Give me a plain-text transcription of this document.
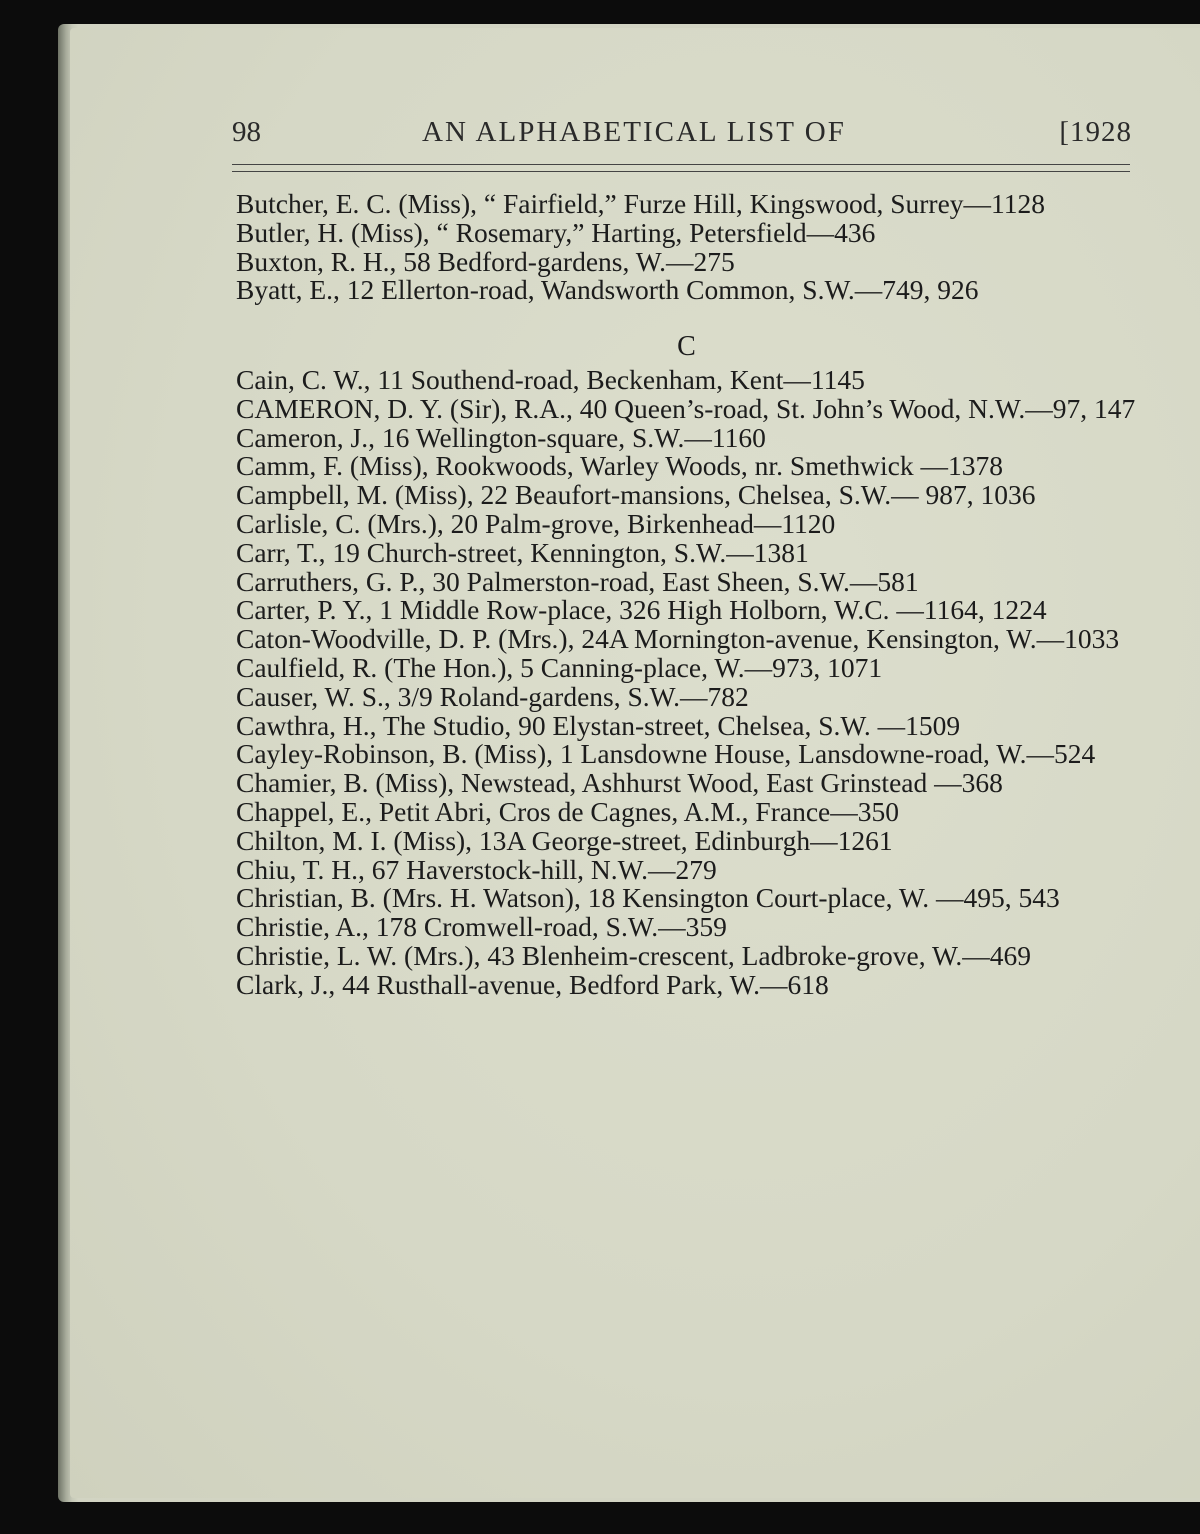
98	AN ALPHABETICAL LIST OF	[1928
Butcher, E. C. (Miss), “ Fairfield,” Furze Hill, Kingswood, Surrey—1128
Butler, H. (Miss), “ Rosemary,” Harting, Petersfield—436
Buxton, R. H., 58 Bedford-gardens, W.—275
Byatt, E., 12 Ellerton-road, Wandsworth Common, S.W.—749, 926
C
Cain, C. W., 11 Southend-road, Beckenham, Kent—1145
CAMERON, D. Y. (Sir), R.A., 40 Queen’s-road, St. John’s Wood, N.W.—97, 147
Cameron, J., 16 Wellington-square, S.W.—1160
Camm, F. (Miss), Rookwoods, Warley Woods, nr. Smethwick —1378
Campbell, M. (Miss), 22 Beaufort-mansions, Chelsea, S.W.— 987, 1036
Carlisle, C. (Mrs.), 20 Palm-grove, Birkenhead—1120
Carr, T., 19 Church-street, Kennington, S.W.—1381
Carruthers, G. P., 30 Palmerston-road, East Sheen, S.W.—581
Carter, P. Y., 1 Middle Row-place, 326 High Holborn, W.C. —1164, 1224
Caton-Woodville, D. P. (Mrs.), 24A Mornington-avenue, Kensington, W.—1033
Caulfield, R. (The Hon.), 5 Canning-place, W.—973, 1071
Causer, W. S., 3/9 Roland-gardens, S.W.—782
Cawthra, H., The Studio, 90 Elystan-street, Chelsea, S.W. —1509
Cayley-Robinson, B. (Miss), 1 Lansdowne House, Lansdowne-road, W.—524
Chamier, B. (Miss), Newstead, Ashhurst Wood, East Grinstead —368
Chappel, E., Petit Abri, Cros de Cagnes, A.M., France—350
Chilton, M. I. (Miss), 13A George-street, Edinburgh—1261
Chiu, T. H., 67 Haverstock-hill, N.W.—279
Christian, B. (Mrs. H. Watson), 18 Kensington Court-place, W. —495, 543
Christie, A., 178 Cromwell-road, S.W.—359
Christie, L. W. (Mrs.), 43 Blenheim-crescent, Ladbroke-grove, W.—469
Clark, J., 44 Rusthall-avenue, Bedford Park, W.—618
